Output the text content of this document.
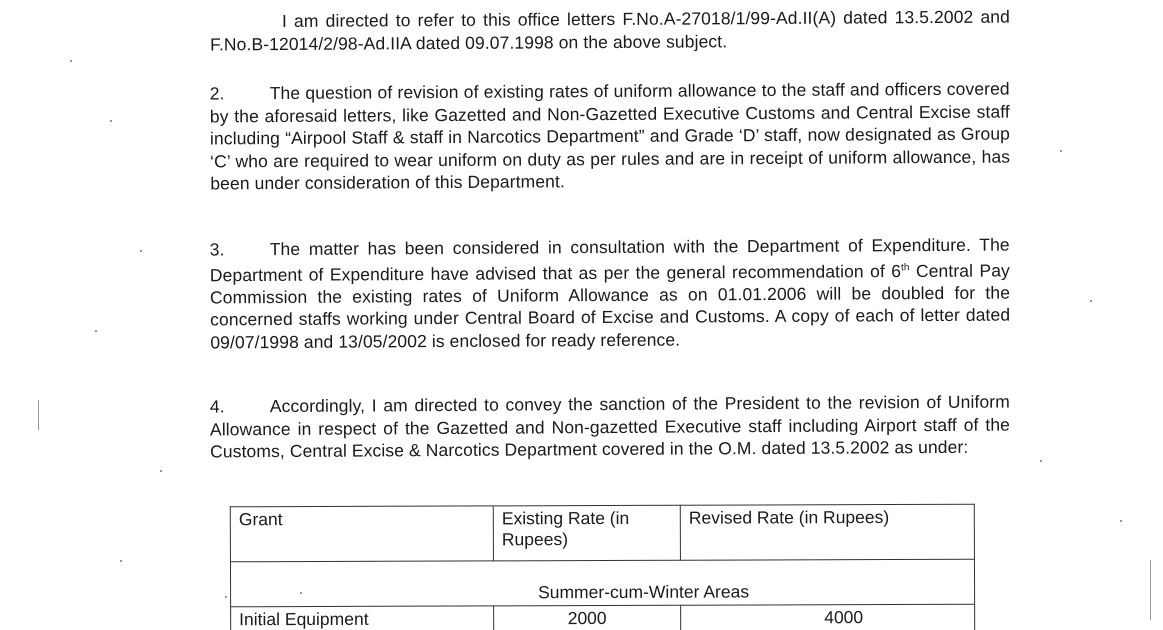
I am directed to refer to this office letters F.No.A-27018/1/99-Ad.II(A) dated 13.5.2002 and F.No.B-12014/2/98-Ad.IIA dated 09.07.1998 on the above subject.
2.	The question of revision of existing rates of uniform allowance to the staff and officers covered by the aforesaid letters, like Gazetted and Non-Gazetted Executive Customs and Central Excise staff including “Airpool Staff & staff in Narcotics Department” and Grade ‘D’ staff, now designated as Group ‘C’ who are required to wear uniform on duty as per rules and are in receipt of uniform allowance, has been under consideration of this Department.
3.	The matter has been considered in consultation with the Department of Expenditure. The Department of Expenditure have advised that as per the general recommendation of 6th Central Pay Commission the existing rates of Uniform Allowance as on 01.01.2006 will be doubled for the concerned staffs working under Central Board of Excise and Customs. A copy of each of letter dated 09/07/1998 and 13/05/2002 is enclosed for ready reference.
4.	Accordingly, I am directed to convey the sanction of the President to the revision of Uniform Allowance in respect of the Gazetted and Non-gazetted Executive staff including Airport staff of the Customs, Central Excise & Narcotics Department covered in the O.M. dated 13.5.2002 as under:
Grant	Existing Rate (in Rupees)	Revised Rate (in Rupees)
Summer-cum-Winter Areas		
Initial Equipment	2000	4000
